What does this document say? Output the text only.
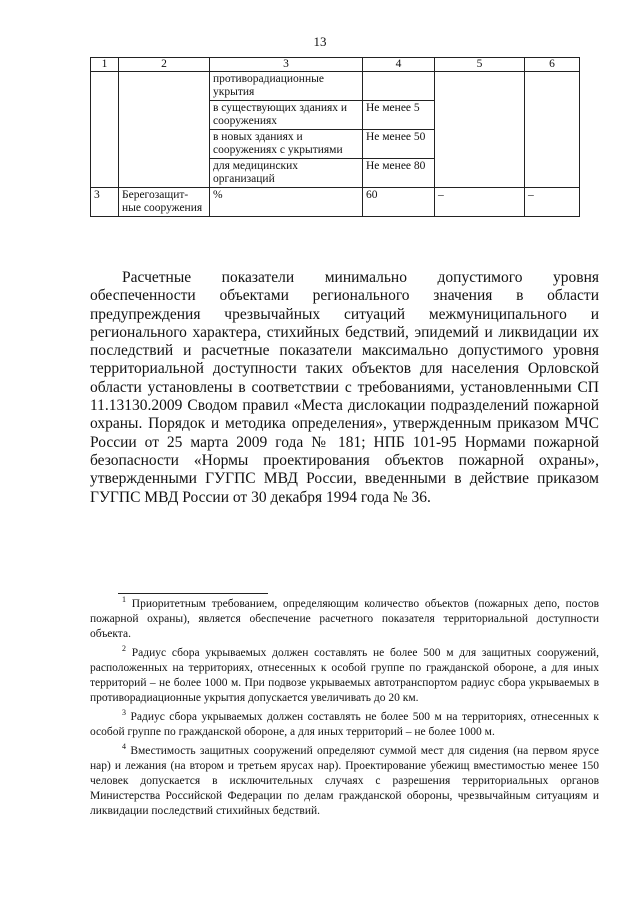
13
1	2	3	4	5	6
		противорадиационные укрытия			
		в существующих зданиях и сооружениях	Не менее 5		
		в новых зданиях и сооружениях с укрытиями	Не менее 50		
		для медицинских организаций	Не менее 80		
3	Берегозащит-ные сооружения	%	60	–	–

Расчетные показатели минимально допустимого уровня обеспеченности объектами регионального значения в области предупреждения чрезвычайных ситуаций межмуниципального и регионального характера, стихийных бедствий, эпидемий и ликвидации их последствий и расчетные показатели максимально допустимого уровня территориальной доступности таких объектов для населения Орловской области установлены в соответствии с требованиями, установленными СП 11.13130.2009 Сводом правил «Места дислокации подразделений пожарной охраны. Порядок и методика определения», утвержденным приказом МЧС России от 25 марта 2009 года № 181; НПБ 101-95 Нормами пожарной безопасности «Нормы проектирования объектов пожарной охраны», утвержденными ГУГПС МВД России, введенными в действие приказом ГУГПС МВД России от 30 декабря 1994 года № 36.

$^1$ Приоритетным требованием, определяющим количество объектов (пожарных депо, постов пожарной охраны), является обеспечение расчетного показателя территориальной доступности объекта.

$^2$ Радиус сбора укрываемых должен составлять не более 500 м для защитных сооружений, расположенных на территориях, отнесенных к особой группе по гражданской обороне, а для иных территорий – не более 1000 м. При подвозе укрываемых автотранспортом радиус сбора укрываемых в противорадиационные укрытия допускается увеличивать до 20 км.

$^3$ Радиус сбора укрываемых должен составлять не более 500 м на территориях, отнесенных к особой группе по гражданской обороне, а для иных территорий – не более 1000 м.

$^4$ Вместимость защитных сооружений определяют суммой мест для сидения (на первом ярусе нар) и лежания (на втором и третьем ярусах нар). Проектирование убежищ вместимостью менее 150 человек допускается в исключительных случаях с разрешения территориальных органов Министерства Российской Федерации по делам гражданской обороны, чрезвычайным ситуациям и ликвидации последствий стихийных бедствий.
